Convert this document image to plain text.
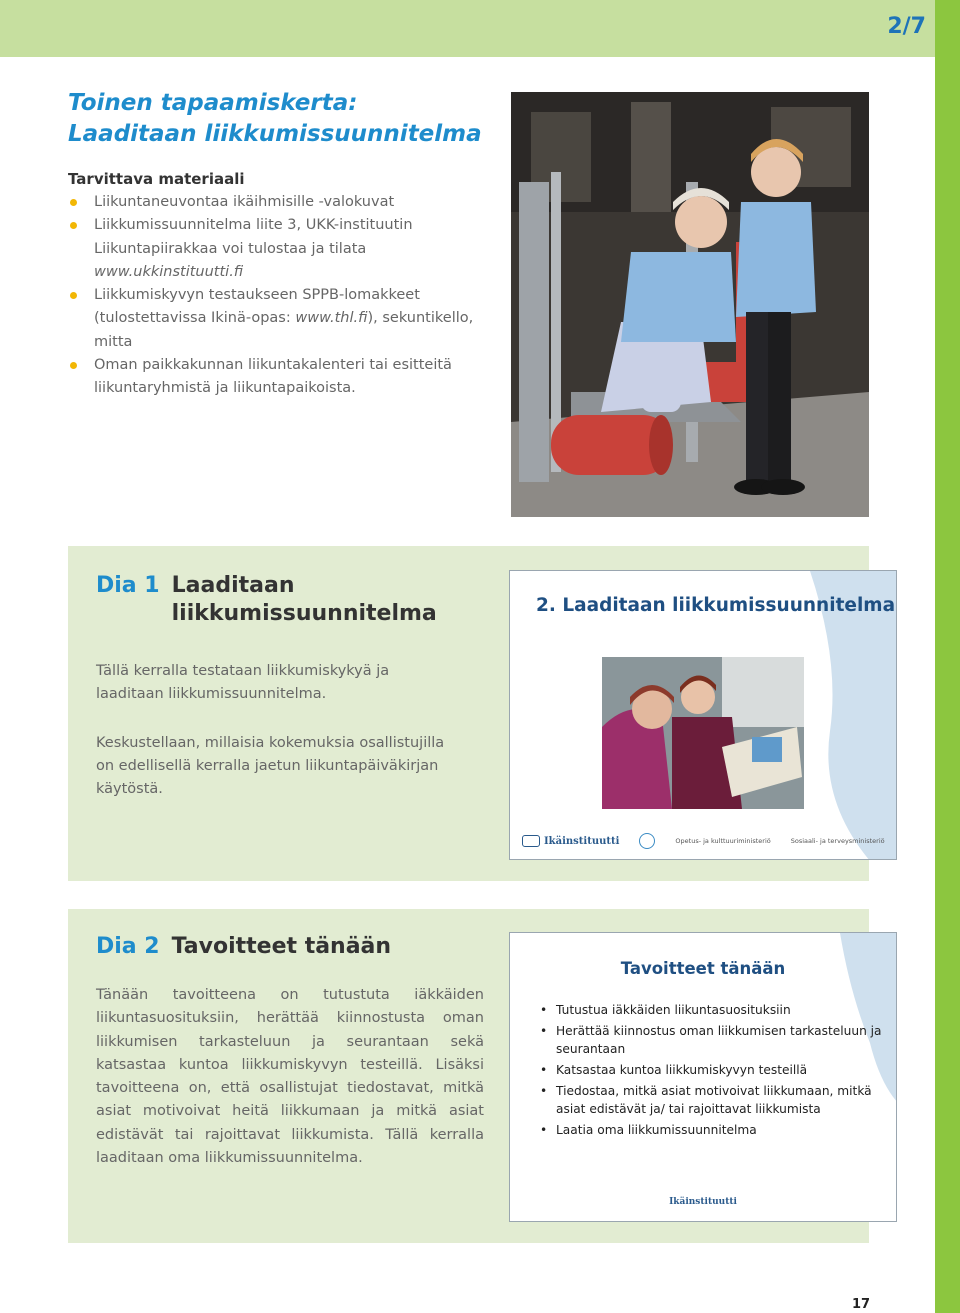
2/7
Toinen tapaamiskerta:
Laaditaan liikkumissuunnitelma
Tarvittava materiaali
Liikuntaneuvontaa ikäihmisille -valokuvat
Liikkumissuunnitelma liite 3, UKK-instituutin Liikuntapiirakkaa voi tulostaa ja tilata www.ukkinstituutti.fi
Liikkumiskyvyn testaukseen SPPB-lomakkeet (tulostettavissa Ikinä-opas: www.thl.fi), sekuntikello, mitta
Oman paikkakunnan liikuntakalenteri tai esitteitä liikuntaryhmistä ja liikuntapaikoista.
Dia 1 Laaditaan liikkumissuunnitelma

Tällä kerralla testataan liikkumiskykyä ja laaditaan liikkumissuunnitelma.

Keskustellaan, millaisia kokemuksia osallistujilla on edellisellä kerralla jaetun liikuntapäiväkirjan käytöstä.

2. Laaditaan liikkumissuunnitelma
Ikäinstituutti	Opetus- ja kulttuuriministeriö	Sosiaali- ja terveysministeriö
Dia 2 Tavoitteet tänään
Tänään tavoitteena on tutustuta iäkkäiden liikuntasuosituksiin, herättää kiinnostusta oman liikkumisen tarkasteluun ja seurantaan sekä katsastaa kuntoa liikkumiskyvyn testeillä. Lisäksi tavoitteena on, että osallistujat tiedostavat, mitkä asiat motivoivat heitä liikkumaan ja mitkä asiat edistävät tai rajoittavat liikkumista. Tällä kerralla laaditaan oma liikkumissuunnitelma.
Tavoitteet tänään
• Tutustua iäkkäiden liikuntasuosituksiin
• Herättää kiinnostus oman liikkumisen tarkasteluun ja seurantaan
• Katsastaa kuntoa liikkumiskyvyn testeillä
• Tiedostaa, mitkä asiat motivoivat liikkumaan, mitkä asiat edistävät ja/ tai rajoittavat liikkumista
• Laatia oma liikkumissuunnitelma
Ikäinstituutti
17
